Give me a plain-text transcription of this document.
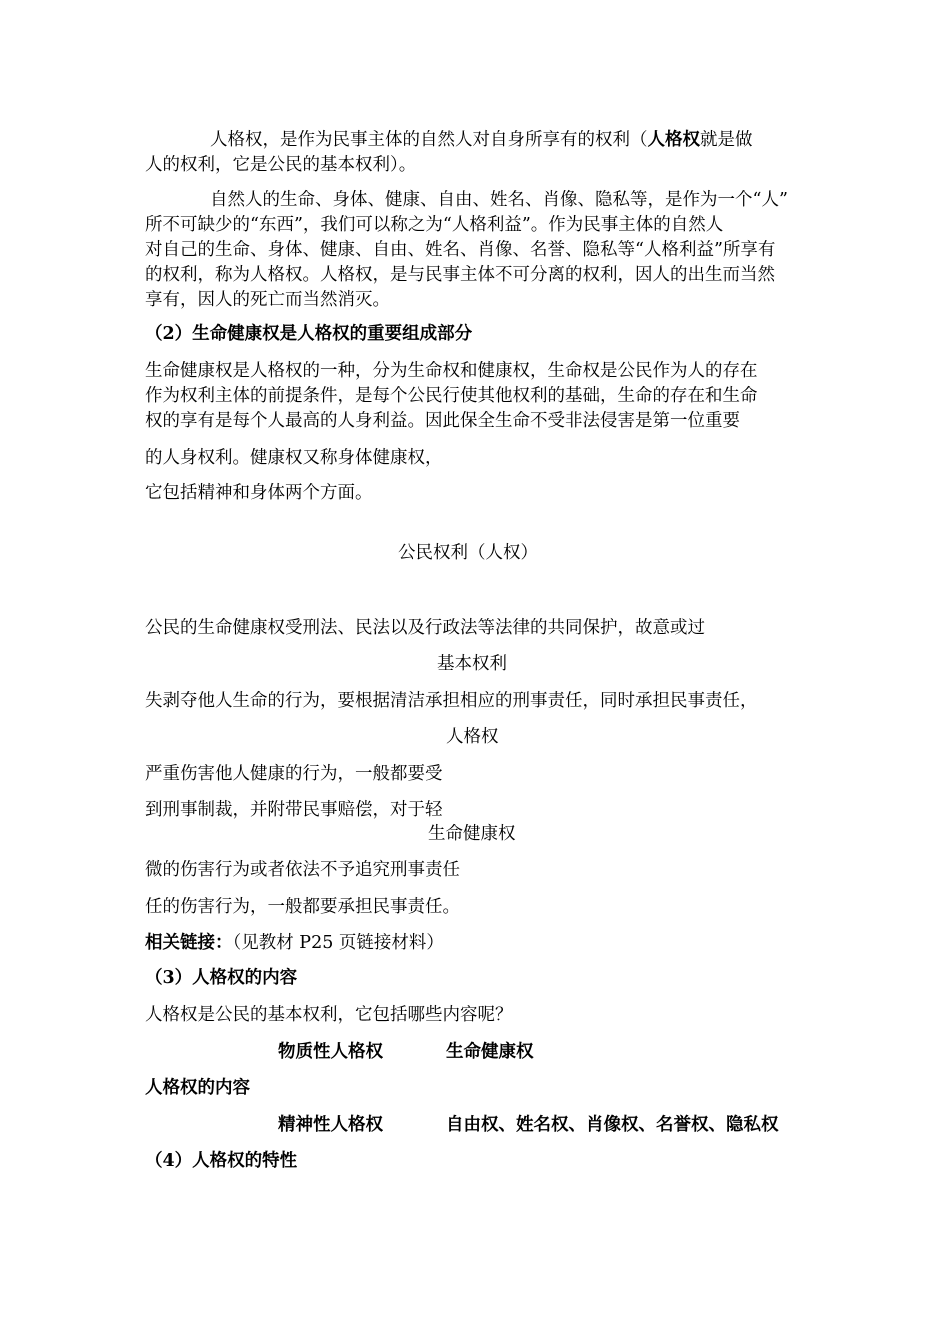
人格权，是作为民事主体的自然人对自身所享有的权利（人格权就是做
人的权利，它是公民的基本权利）。
自然人的生命、身体、健康、自由、姓名、肖像、隐私等，是作为一个“人”
所不可缺少的“东西”，我们可以称之为“人格利益”。作为民事主体的自然人
对自己的生命、身体、健康、自由、姓名、肖像、名誉、隐私等“人格利益”所享有
的权利，称为人格权。人格权，是与民事主体不可分离的权利，因人的出生而当然
享有，因人的死亡而当然消灭。
（2）生命健康权是人格权的重要组成部分
生命健康权是人格权的一种，分为生命权和健康权，生命权是公民作为人的存在
作为权利主体的前提条件，是每个公民行使其他权利的基础，生命的存在和生命
权的享有是每个人最高的人身利益。因此保全生命不受非法侵害是第一位重要
的人身权利。健康权又称身体健康权，
它包括精神和身体两个方面。
公民权利（人权）
公民的生命健康权受刑法、民法以及行政法等法律的共同保护，故意或过
基本权利
失剥夺他人生命的行为，要根据清洁承担相应的刑事责任，同时承担民事责任，
人格权
严重伤害他人健康的行为，一般都要受
到刑事制裁，并附带民事赔偿，对于轻
生命健康权
微的伤害行为或者依法不予追究刑事责任
任的伤害行为，一般都要承担民事责任。
相关链接：（见教材 P25 页链接材料）
（3）人格权的内容
人格权是公民的基本权利，它包括哪些内容呢？
物质性人格权	生命健康权
人格权的内容
精神性人格权	自由权、姓名权、肖像权、名誉权、隐私权
（4）人格权的特性
